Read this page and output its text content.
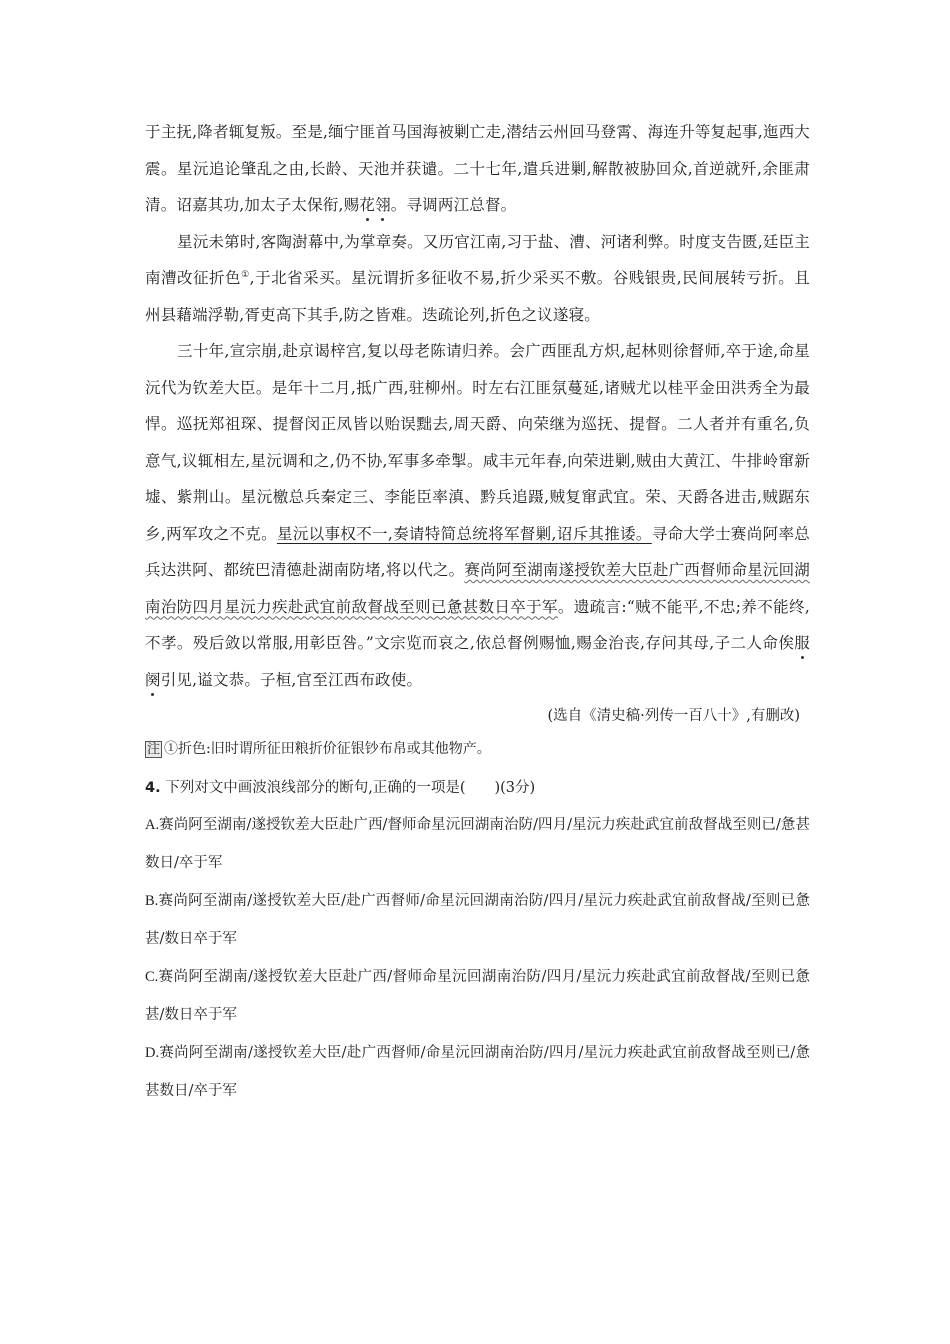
于主抚,降者辄复叛。至是,缅宁匪首马国海被剿亡走,潜结云州回马登霄、海连升等复起事,迤西大震。星沅追论肇乱之由,长龄、天池并获谴。二十七年,遣兵进剿,解散被胁回众,首逆就歼,余匪肃清。诏嘉其功,加太子太保衔,赐花翎。寻调两江总督。
星沅未第时,客陶澍幕中,为掌章奏。又历官江南,习于盐、漕、河诸利弊。时度支告匮,廷臣主南漕改征折色①,于北省采买。星沅谓折多征收不易,折少采买不敷。谷贱银贵,民间展转亏折。且州县藉端浮勒,胥吏高下其手,防之皆难。迭疏论列,折色之议遂寝。
三十年,宣宗崩,赴京谒梓宫,复以母老陈请归养。会广西匪乱方炽,起林则徐督师,卒于途,命星沅代为钦差大臣。是年十二月,抵广西,驻柳州。时左右江匪氛蔓延,诸贼尤以桂平金田洪秀全为最悍。巡抚郑祖琛、提督闵正凤皆以贻误黜去,周天爵、向荣继为巡抚、提督。二人者并有重名,负意气,议辄相左,星沅调和之,仍不协,军事多牵掣。咸丰元年春,向荣进剿,贼由大黄江、牛排岭窜新墟、紫荆山。星沅檄总兵秦定三、李能臣率滇、黔兵追蹑,贼复窜武宜。荣、天爵各进击,贼踞东乡,两军攻之不克。星沅以事权不一,奏请特简总统将军督剿,诏斥其推诿。寻命大学士赛尚阿率总兵达洪阿、都统巴清德赴湖南防堵,将以代之。赛尚阿至湖南遂授钦差大臣赴广西督师命星沅回湖南治防四月星沅力疾赴武宜前敌督战至则已惫甚数日卒于军。遗疏言:“贼不能平,不忠;养不能终,不孝。殁后敛以常服,用彰臣咎。”文宗览而哀之,依总督例赐恤,赐金治丧,存问其母,子二人命俟服阕引见,谥文恭。子桓,官至江西布政使。
(选自《清史稿·列传一百八十》,有删改)
注 ①折色:旧时谓所征田粮折价征银钞布帛或其他物产。
4. 下列对文中画波浪线部分的断句,正确的一项是(　　)(3分)
A.赛尚阿至湖南/遂授钦差大臣赴广西/督师命星沅回湖南治防/四月/星沅力疾赴武宜前敌督战至则已/惫甚数日/卒于军
B.赛尚阿至湖南/遂授钦差大臣/赴广西督师/命星沅回湖南治防/四月/星沅力疾赴武宜前敌督战/至则已惫甚/数日卒于军
C.赛尚阿至湖南/遂授钦差大臣赴广西/督师命星沅回湖南治防/四月/星沅力疾赴武宜前敌督战/至则已惫甚/数日卒于军
D.赛尚阿至湖南/遂授钦差大臣/赴广西督师/命星沅回湖南治防/四月/星沅力疾赴武宜前敌督战至则已/惫甚数日/卒于军
